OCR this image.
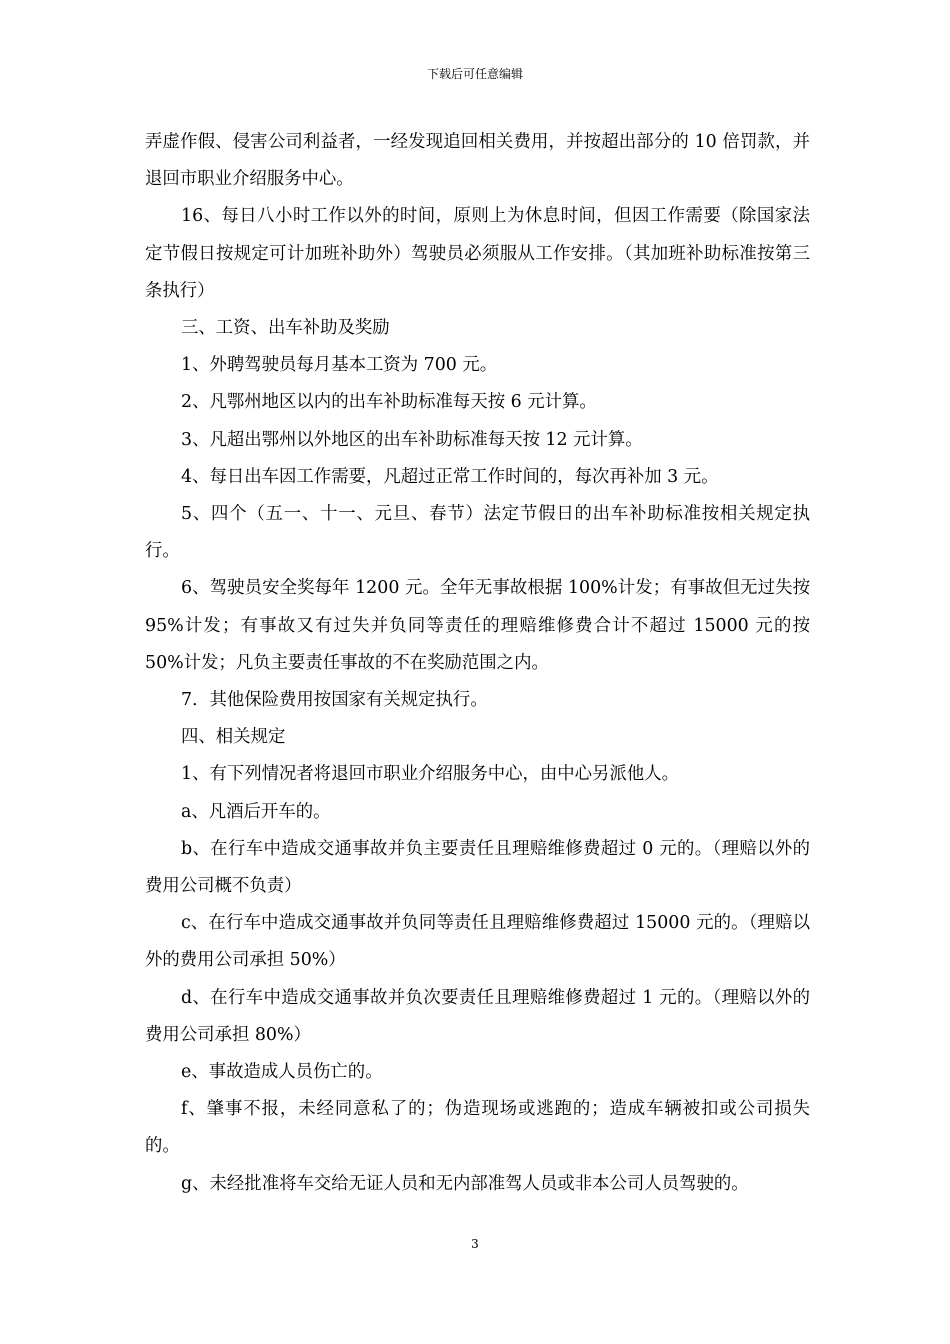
下载后可任意编辑

弄虚作假、侵害公司利益者，一经发现追回相关费用，并按超出部分的 10 倍罚款，并退回市职业介绍服务中心。

16、每日八小时工作以外的时间，原则上为休息时间，但因工作需要（除国家法定节假日按规定可计加班补助外）驾驶员必须服从工作安排。（其加班补助标准按第三条执行）

三、工资、出车补助及奖励

1、外聘驾驶员每月基本工资为 700 元。

2、凡鄂州地区以内的出车补助标准每天按 6 元计算。

3、凡超出鄂州以外地区的出车补助标准每天按 12 元计算。

4、每日出车因工作需要，凡超过正常工作时间的，每次再补加 3 元。

5、四个（五一、十一、元旦、春节）法定节假日的出车补助标准按相关规定执行。

6、驾驶员安全奖每年 1200 元。全年无事故根据 100%计发；有事故但无过失按 95%计发；有事故又有过失并负同等责任的理赔维修费合计不超过 15000 元的按 50%计发；凡负主要责任事故的不在奖励范围之内。

7．其他保险费用按国家有关规定执行。

四、相关规定

1、有下列情况者将退回市职业介绍服务中心，由中心另派他人。

a、凡酒后开车的。

b、在行车中造成交通事故并负主要责任且理赔维修费超过 0 元的。（理赔以外的费用公司概不负责）

c、在行车中造成交通事故并负同等责任且理赔维修费超过 15000 元的。（理赔以外的费用公司承担 50%）

d、在行车中造成交通事故并负次要责任且理赔维修费超过 1 元的。（理赔以外的费用公司承担 80%）

e、事故造成人员伤亡的。

f、肇事不报，未经同意私了的；伪造现场或逃跑的；造成车辆被扣或公司损失的。

g、未经批准将车交给无证人员和无内部准驾人员或非本公司人员驾驶的。

3
